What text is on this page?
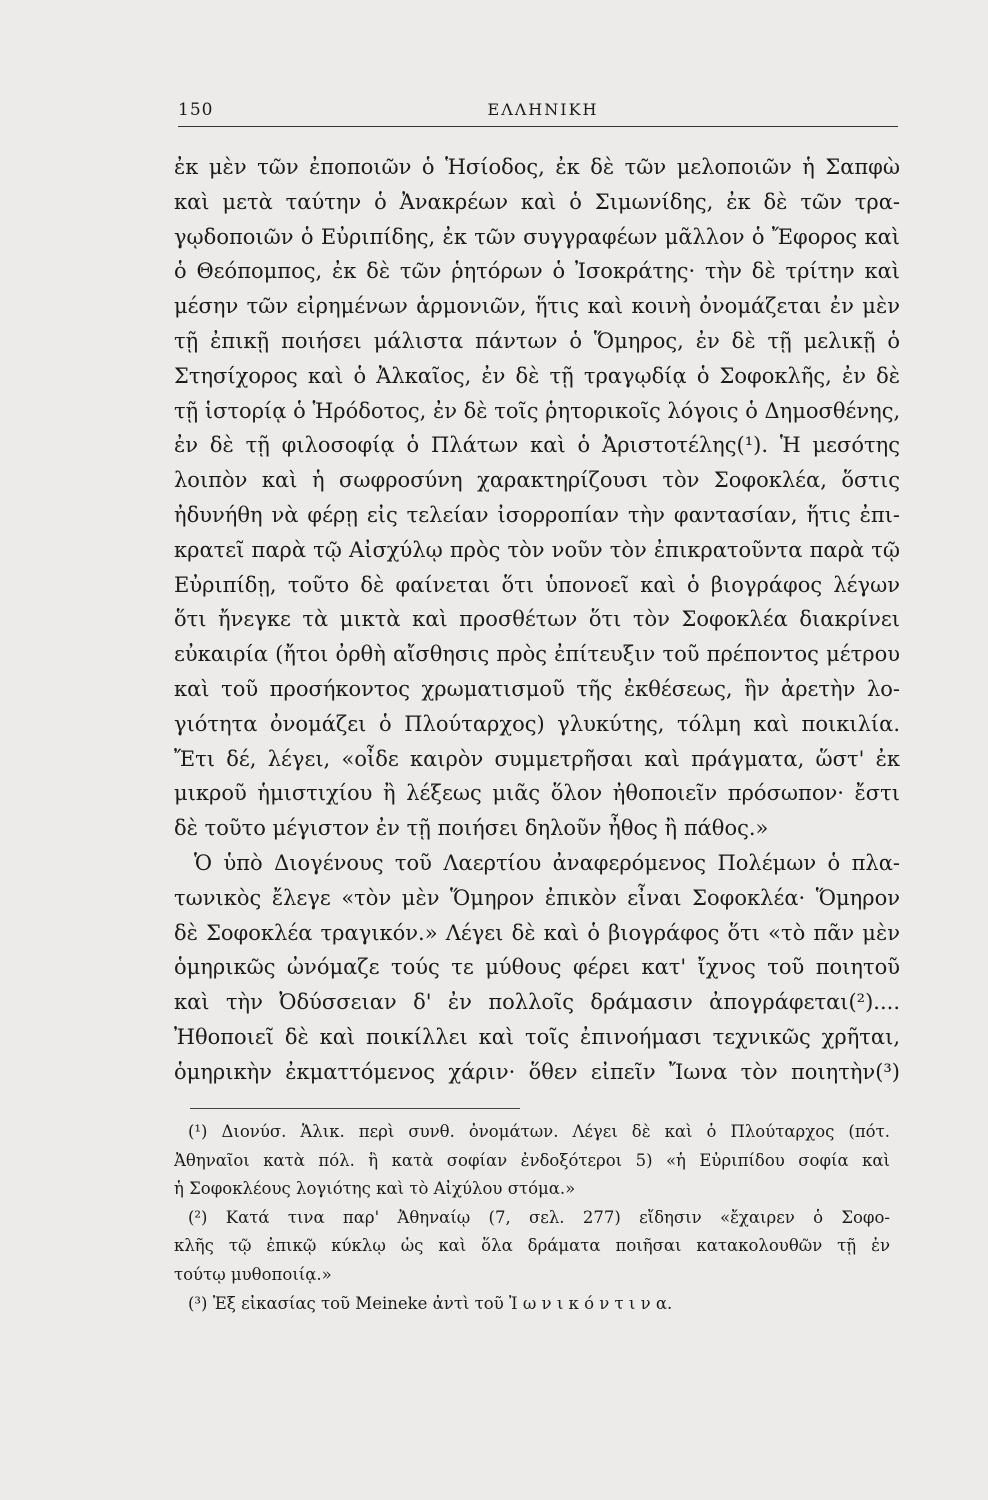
150	ΕΛΛΗΝΙΚΗ
ἐκ μὲν τῶν ἐποποιῶν ὁ Ἡσίοδος, ἐκ δὲ τῶν μελοποιῶν ἡ Σαπφὼ
καὶ μετὰ ταύτην ὁ Ἀνακρέων καὶ ὁ Σιμωνίδης, ἐκ δὲ τῶν τρα-
γῳδοποιῶν ὁ Εὐριπίδης, ἐκ τῶν συγγραφέων μᾶλλον ὁ Ἔφορος καὶ
ὁ Θεόπομπος, ἐκ δὲ τῶν ῥητόρων ὁ Ἰσοκράτης· τὴν δὲ τρίτην καὶ
μέσην τῶν εἰρημένων ἁρμονιῶν, ἥτις καὶ κοινὴ ὀνομάζεται ἐν μὲν
τῇ ἐπικῇ ποιήσει μάλιστα πάντων ὁ Ὅμηρος, ἐν δὲ τῇ μελικῇ ὁ
Στησίχορος καὶ ὁ Ἀλκαῖος, ἐν δὲ τῇ τραγῳδίᾳ ὁ Σοφοκλῆς, ἐν δὲ
τῇ ἱστορίᾳ ὁ Ἡρόδοτος, ἐν δὲ τοῖς ῥητορικοῖς λόγοις ὁ Δημοσθένης,
ἐν δὲ τῇ φιλοσοφίᾳ ὁ Πλάτων καὶ ὁ Ἀριστοτέλης(¹). Ἡ μεσότης
λοιπὸν καὶ ἡ σωφροσύνη χαρακτηρίζουσι τὸν Σοφοκλέα, ὅστις
ἠδυνήθη νὰ φέρῃ εἰς τελείαν ἰσορροπίαν τὴν φαντασίαν, ἥτις ἐπι-
κρατεῖ παρὰ τῷ Αἰσχύλῳ πρὸς τὸν νοῦν τὸν ἐπικρατοῦντα παρὰ τῷ
Εὐριπίδῃ, τοῦτο δὲ φαίνεται ὅτι ὑπονοεῖ καὶ ὁ βιογράφος λέγων
ὅτι ἤνεγκε τὰ μικτὰ καὶ προσθέτων ὅτι τὸν Σοφοκλέα διακρίνει
εὐκαιρία (ἤτοι ὀρθὴ αἴσθησις πρὸς ἐπίτευξιν τοῦ πρέποντος μέτρου
καὶ τοῦ προσήκοντος χρωματισμοῦ τῆς ἐκθέσεως, ἣν ἀρετὴν λο-
γιότητα ὀνομάζει ὁ Πλούταρχος) γλυκύτης, τόλμη καὶ ποικιλία.
Ἔτι δέ, λέγει, «οἶδε καιρὸν συμμετρῆσαι καὶ πράγματα, ὥστ' ἐκ
μικροῦ ἡμιστιχίου ἢ λέξεως μιᾶς ὅλον ἠθοποιεῖν πρόσωπον· ἔστι
δὲ τοῦτο μέγιστον ἐν τῇ ποιήσει δηλοῦν ἦθος ἢ πάθος.»
Ὁ ὑπὸ Διογένους τοῦ Λαερτίου ἀναφερόμενος Πολέμων ὁ πλα-
τωνικὸς ἔλεγε «τὸν μὲν Ὅμηρον ἐπικὸν εἶναι Σοφοκλέα· Ὅμηρον
δὲ Σοφοκλέα τραγικόν.» Λέγει δὲ καὶ ὁ βιογράφος ὅτι «τὸ πᾶν μὲν
ὁμηρικῶς ὠνόμαζε τούς τε μύθους φέρει κατ' ἴχνος τοῦ ποιητοῦ
καὶ τὴν Ὀδύσσειαν δ' ἐν πολλοῖς δράμασιν ἀπογράφεται(²)....
Ἠθοποιεῖ δὲ καὶ ποικίλλει καὶ τοῖς ἐπινοήμασι τεχνικῶς χρῆται,
ὁμηρικὴν ἐκματτόμενος χάριν· ὅθεν εἰπεῖν Ἴωνα τὸν ποιητὴν(³)
(¹) Διονύσ. Ἁλικ. περὶ συνθ. ὀνομάτων. Λέγει δὲ καὶ ὁ Πλούταρχος (πότ.
Ἀθηναῖοι κατὰ πόλ. ἢ κατὰ σοφίαν ἐνδοξότεροι 5) «ἡ Εὐριπίδου σοφία καὶ
ἡ Σοφοκλέους λογιότης καὶ τὸ Αἰχύλου στόμα.»
(²) Κατά τινα παρ' Ἀθηναίῳ (7, σελ. 277) εἴδησιν «ἔχαιρεν ὁ Σοφο-
κλῆς τῷ ἐπικῷ κύκλῳ ὡς καὶ ὅλα δράματα ποιῆσαι κατακολουθῶν τῇ ἐν
τούτῳ μυθοποιίᾳ.»
(³) Ἐξ εἰκασίας τοῦ Meineke ἀντὶ τοῦ Ἰ ω ν ι κ ό ν τ ι ν α.
